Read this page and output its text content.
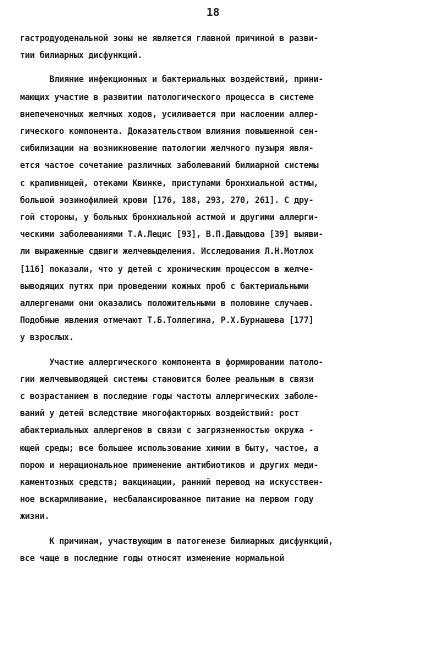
18
гастродуоденальной зоны не является главной причиной в разви-
тии билиарных дисфункций.
Влияние инфекционных и бактериальных воздействий, прини-
мающих участие в развитии патологического процесса в системе
внепеченочных желчных ходов, усиливается при наслоении аллер-
гического компонента. Доказательством влияния повышенной сен-
сибилизации на возникновение патологии желчного пузыря явля-
ется частое сочетание различных заболеваний билиарной системы
с крапивницей, отеками Квинке, приступами бронхиальной астмы,
большой эозинофилией крови [176, 188, 293, 270, 261]. С дру-
гой стороны, у больных бронхиальной астмой и другими аллерги-
ческими заболеваниями Т.А.Лецис [93], В.П.Давыдова [39] выяви-
ли выраженные сдвиги желчевыделения. Исследования Л.Н.Мотлох
[116] показали, что у детей с хроническим процессом в желче-
выводящих путях при проведении кожных проб с бактериальными
аллергенами они оказались положительными в половине случаев.
Подобные явления отмечают Т.Б.Толпегина, Р.Х.Бурнашева [177]
у взрослых.
Участие аллергического компонента в формировании патоло-
гии желчевыводящей системы становится более реальным в связи
с возрастанием в последние годы частоты аллергических заболе-
ваний у детей вследствие многофакторных воздействий: рост
абактериальных аллергенов в связи с загрязненностью окружа -
ющей среды; все большее использование химии в быту, частое, а
порою и нерациональное применение антибиотиков и других меди-
каментозных средств; вакцинации, ранний перевод на искусствен-
ное вскармливание, несбалансированное питание на первом году
жизни.
К причинам, участвующим в патогенезе билиарных дисфункций,
все чаще в последние годы относят изменение нормальной
